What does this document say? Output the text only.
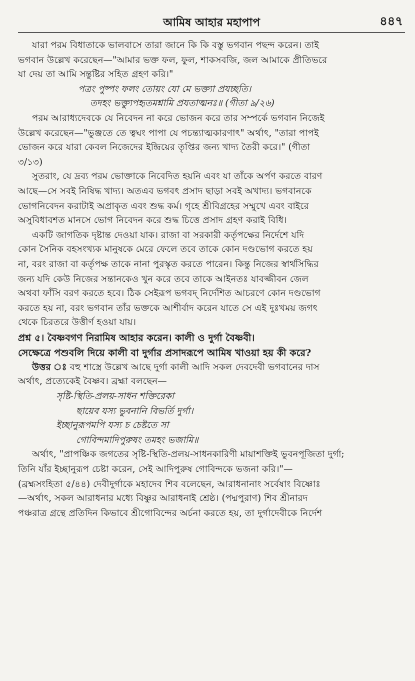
আমিষ আহার মহাপাপ	৪৪৭

যারা পরম বিধাতাকে ভালবাসে তারা জানে কি কি বস্তু ভগবান পছন্দ করেন। তাই

ভগবান উল্লেখ করেছেন—"আমার ভক্ত ফল, ফুল, শাকসবজি, জল আমাকে প্রীতিভরে

যা দেয় তা আমি সন্তুষ্টির সহিত গ্রহণ করি।"

পত্রং পুষ্পং ফলং তোয়ং যো মে ভক্ত্যা প্রযচ্ছতি।

তদহং ভক্ত্যুপহৃতমশ্নামি প্রযতাত্মনঃ॥ (গীতা ৯/২৬)

পরম আরাধ্যদেবকে যে নিবেদন না করে ভোজন করে তার সম্পর্কে ভগবান নিজেই

উল্লেখ করেছেন—"ভুঞ্জতে তে ত্বঘং পাপা যে পচন্ত্যাত্মকারণাৎ" অর্থাৎ, "তারা পাপই

ভোজন করে যারা কেবল নিজেদের ইন্দ্রিয়ের তৃপ্তির জন্য খাদ্য তৈরী করে।" (গীতা

৩/১৩)

সুতরাং, যে দ্রব্য পরম ভোক্তাকে নিবেদিত হয়নি এবং যা তাঁকে অর্পণ করতে বারণ

আছে—সে সবই নিষিদ্ধ খাদ্য। অতএব ভগবৎ প্রসাদ ছাড়া সবই অখাদ্য। ভগবানকে

ভোগনিবেদন করাটাই অপ্রাকৃত এবং শুদ্ধ কর্ম। গৃহে শ্রীবিগ্রহের সম্মুখে এবং বাইরে

অসুবিধাবশত মানসে ভোগ নিবেদন করে শুদ্ধ চিত্তে প্রসাদ গ্রহণ করাই বিধি।

একটি জাগতিক দৃষ্টান্ত দেওয়া যাক। রাজা বা সরকারী কর্তৃপক্ষের নির্দেশে যদি

কোন সৈনিক বহসংখ্যক মানুষকে মেরে ফেলে তবে তাকে কোন দণ্ডভোগ করতে হয়

না, বরং রাজা বা কর্তৃপক্ষ তাকে নানা পুরস্কৃত করতে পারেন। কিন্তু নিজের স্বার্থসিদ্ধির

জন্য যদি কেউ নিজের সন্তানকেও খুন করে তবে তাকে আইনতঃ যাবজ্জীবন জেল

অথবা ফাঁসি বরণ করতে হবে। ঠিক সেইরূপ ভগবদ্ নির্দেশিত আচরণে কোন দণ্ডভোগ

করতে হয় না, বরং ভগবান তাঁর ভক্তকে আশীর্বাদ করেন যাতে সে এই দুঃখময় জগৎ

থেকে চিরতরে উত্তীর্ণ হওয়া যায়।

প্রশ্ন ৫। বৈষ্ণবগণ নিরামিষ আহার করেন। কালী ও দুর্গা বৈষ্ণবী।

সেক্ষেত্রে পশুবলি দিয়ে কালী বা দুর্গার প্রসাদরূপে আমিষ খাওয়া হয় কী করে?

উত্তর ঃ বহু শাস্ত্রে উল্লেখ আছে দুর্গা কালী আদি সকল দেবদেবী ভগবানের দাস

অর্থাৎ, প্রত্যেকেই বৈষ্ণব। ব্রহ্মা বলছেন—

সৃষ্টি-স্থিতি-প্রলয়-সাধন শক্তিরেকা

ছায়েব যস্য ভুবনানি বিভর্তি দুর্গা।

ইচ্ছানুরূপমপি যস্য চ চেষ্টতে সা

গোবিন্দমাদিপুরুষং তমহং ভজামি॥

অর্থাৎ, "প্রাপঞ্চিক জগতের সৃষ্টি-স্থিতি-প্রলয়-সাধনকারিণী মায়াশক্তিই ভুবনপূজিতা দুর্গা;

তিনি যাঁর ইচ্ছানুরূপ চেষ্টা করেন, সেই আদিপুরুষ গোবিন্দকে ভজনা করি।"—

(ব্রহ্মসংহিতা ৫/৪৪) দেবীদুর্গাকে মহাদেব শিব বলেছেন, আরাধনানাং সর্বেষাং বিষ্ণোঃ

—অর্থাৎ, সকল আরাধনার মধ্যে বিষ্ণুর আরাধনাই শ্রেষ্ঠ। (পদ্মপুরাণ) শিব শ্রীনারদ

পঞ্চরাত্র গ্রন্থে প্রতিদিন কিভাবে শ্রীগোবিন্দের অর্চনা করতে হয়, তা দুর্গাদেবীকে নির্দেশ
